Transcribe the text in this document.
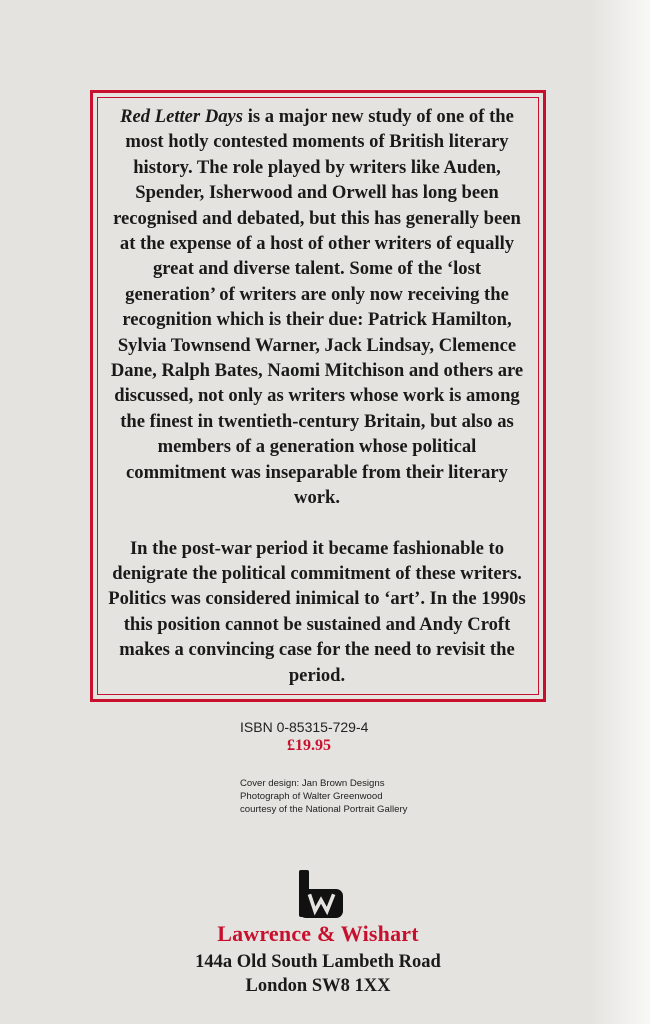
Red Letter Days is a major new study of one of the most hotly contested moments of British literary history. The role played by writers like Auden, Spender, Isherwood and Orwell has long been recognised and debated, but this has generally been at the expense of a host of other writers of equally great and diverse talent. Some of the ‘lost generation’ of writers are only now receiving the recognition which is their due: Patrick Hamilton, Sylvia Townsend Warner, Jack Lindsay, Clemence Dane, Ralph Bates, Naomi Mitchison and others are discussed, not only as writers whose work is among the finest in twentieth-century Britain, but also as members of a generation whose political commitment was inseparable from their literary work.

In the post-war period it became fashionable to denigrate the political commitment of these writers. Politics was considered inimical to ‘art’. In the 1990s this position cannot be sustained and Andy Croft makes a convincing case for the need to revisit the period.

ISBN 0-85315-729-4
£19.95
Cover design: Jan Brown Designs
Photograph of Walter Greenwood
courtesy of the National Portrait Gallery
Lawrence & Wishart
144a Old South Lambeth Road
London SW8 1XX
